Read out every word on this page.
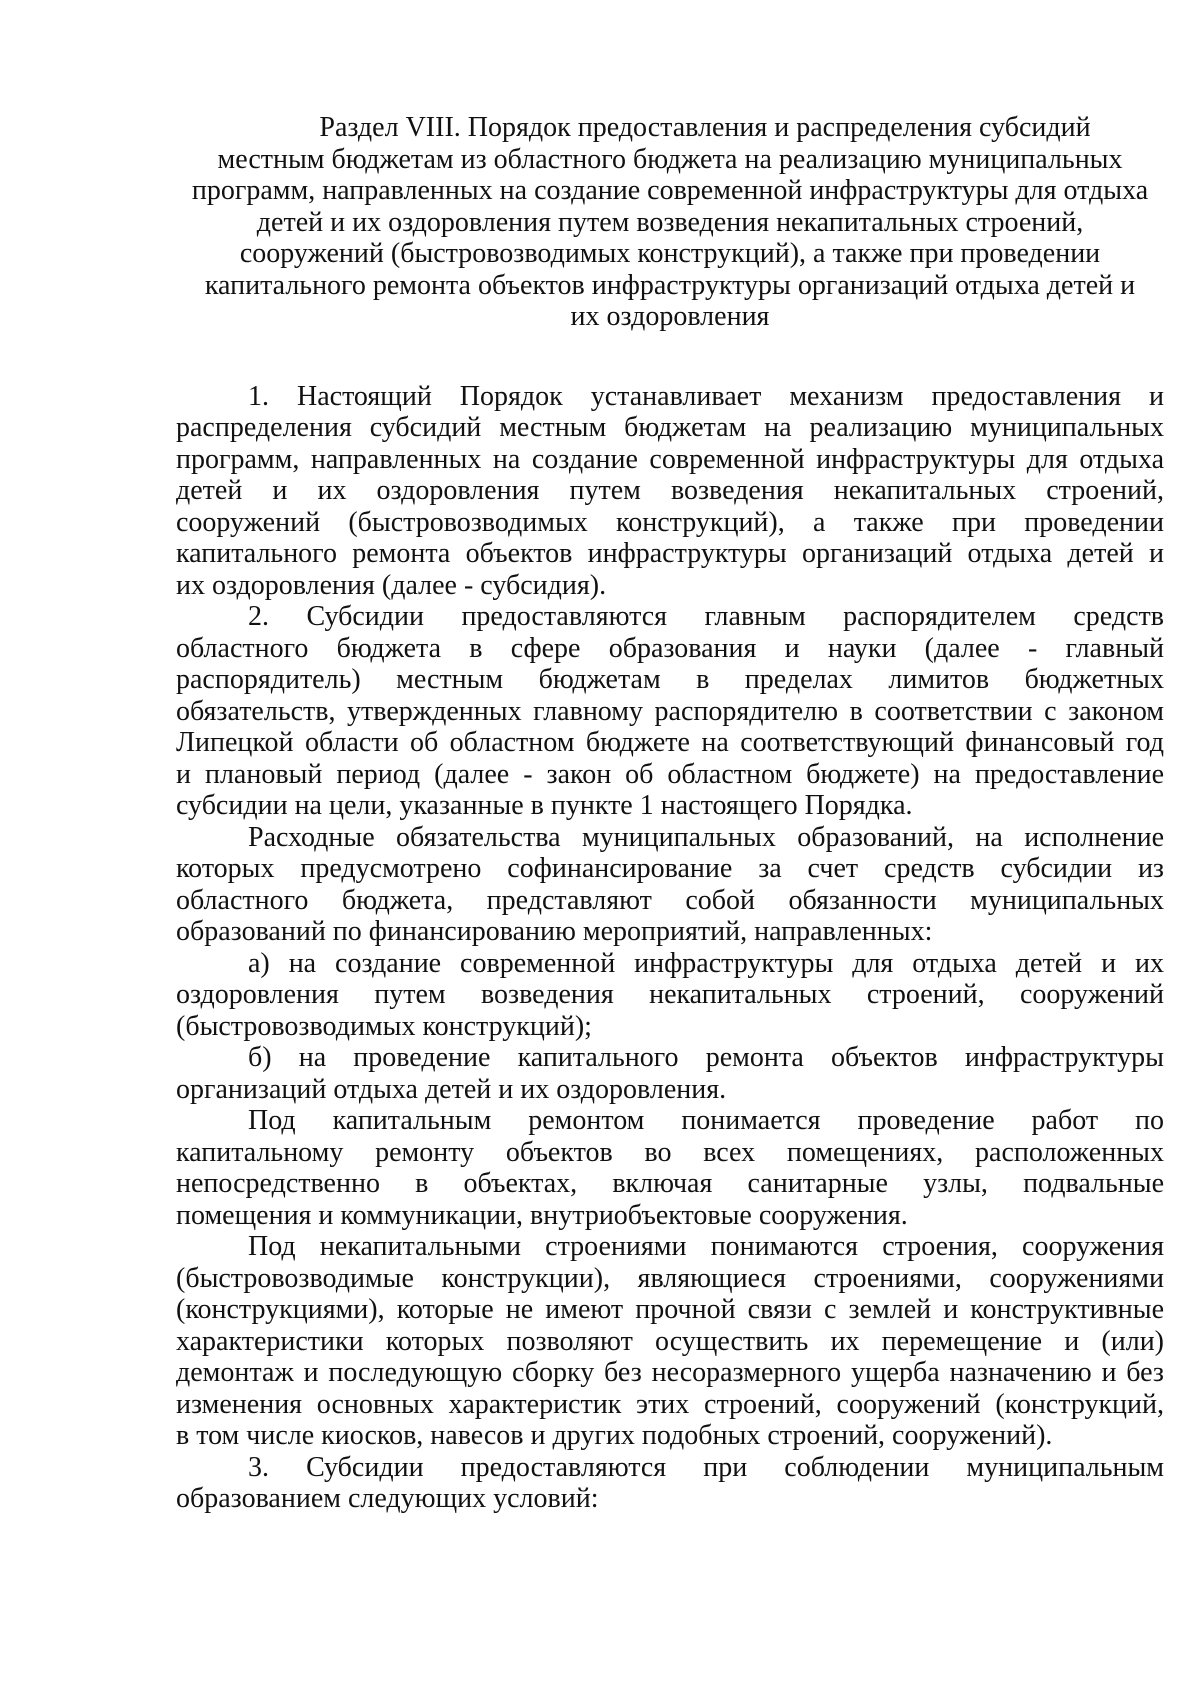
Раздел VIII. Порядок предоставления и распределения субсидий
местным бюджетам из областного бюджета на реализацию муниципальных
программ, направленных на создание современной инфраструктуры для отдыха
детей и их оздоровления путем возведения некапитальных строений,
сооружений (быстровозводимых конструкций), а также при проведении
капитального ремонта объектов инфраструктуры организаций отдыха детей и
их оздоровления
1. Настоящий Порядок устанавливает механизм предоставления и
распределения субсидий местным бюджетам на реализацию муниципальных
программ, направленных на создание современной инфраструктуры для отдыха
детей и их оздоровления путем возведения некапитальных строений,
сооружений (быстровозводимых конструкций), а также при проведении
капитального ремонта объектов инфраструктуры организаций отдыха детей и
их оздоровления (далее - субсидия).
2. Субсидии предоставляются главным распорядителем средств
областного бюджета в сфере образования и науки (далее - главный
распорядитель) местным бюджетам в пределах лимитов бюджетных
обязательств, утвержденных главному распорядителю в соответствии с законом
Липецкой области об областном бюджете на соответствующий финансовый год
и плановый период (далее - закон об областном бюджете) на предоставление
субсидии на цели, указанные в пункте 1 настоящего Порядка.
Расходные обязательства муниципальных образований, на исполнение
которых предусмотрено софинансирование за счет средств субсидии из
областного бюджета, представляют собой обязанности муниципальных
образований по финансированию мероприятий, направленных:
а) на создание современной инфраструктуры для отдыха детей и их
оздоровления путем возведения некапитальных строений, сооружений
(быстровозводимых конструкций);
б) на проведение капитального ремонта объектов инфраструктуры
организаций отдыха детей и их оздоровления.
Под капитальным ремонтом понимается проведение работ по
капитальному ремонту объектов во всех помещениях, расположенных
непосредственно в объектах, включая санитарные узлы, подвальные
помещения и коммуникации, внутриобъектовые сооружения.
Под некапитальными строениями понимаются строения, сооружения
(быстровозводимые конструкции), являющиеся строениями, сооружениями
(конструкциями), которые не имеют прочной связи с землей и конструктивные
характеристики которых позволяют осуществить их перемещение и (или)
демонтаж и последующую сборку без несоразмерного ущерба назначению и без
изменения основных характеристик этих строений, сооружений (конструкций,
в том числе киосков, навесов и других подобных строений, сооружений).
3. Субсидии предоставляются при соблюдении муниципальным
образованием следующих условий:
